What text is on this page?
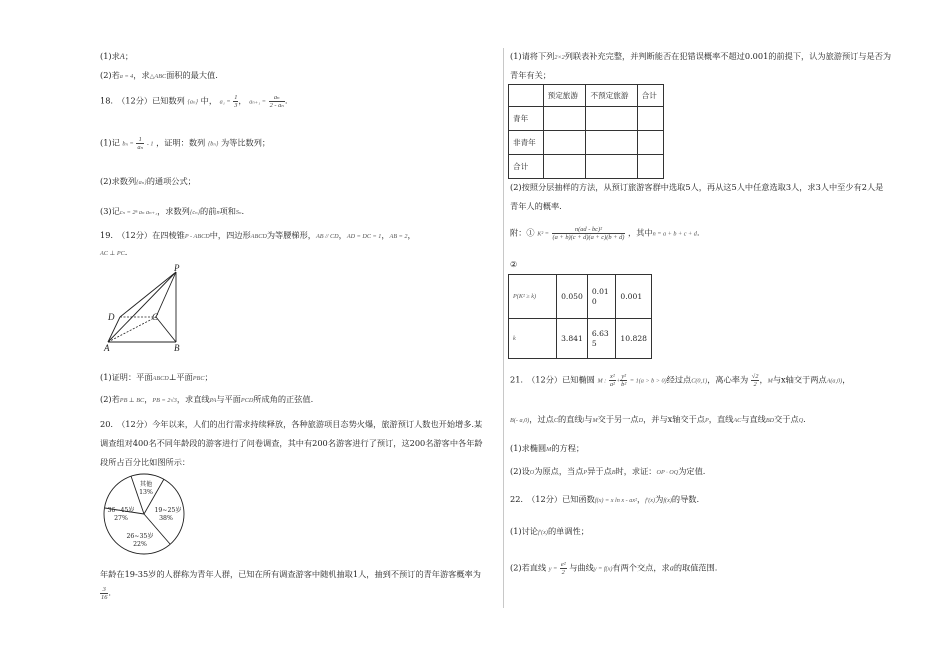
(1)求A；
(2)若a = 4，求△ABC面积的最大值.
18.　（12分）已知数列 {aₙ} 中， $a_1 = \frac{1}{3}$ ， $a_{n+1} = \frac{\text{aₙ}}{\text{2 - aₙ}}$ .
(1)记 $b_n = \frac{1}{\text{aₙ}} - 1$ ，证明：数列 {bₙ} 为等比数列；
(2)求数列{aₙ}的通项公式；
(3)记cₙ = 2ⁿ aₙ aₙ₊₁，求数列{cₙ}的前n项和Sₙ.
19.　（12分）在四棱锥P - ABCD中，四边形ABCD为等腰梯形，AB // CD，AD = DC = 1，AB = 2，
AC ⊥ PC.
P
D	C
A	B
(1)证明：平面ABCD⊥平面PBC；
(2)若PB ⊥ BC，PB = 2√3，求直线PA与平面PCD所成角的正弦值.
20.　（12分）今年以来，人们的出行需求持续释放，各种旅游项目态势火爆，旅游预订人数也开始增多.某
调查组对400名不同年龄段的游客进行了问卷调查，其中有200名游客进行了预订，这200名游客中各年龄
段所占百分比如图所示：
其他
13%
19~25岁
38%
26~35岁
22%
36~45岁
27%
年龄在19-35岁的人群称为青年人群，已知在所有调查游客中随机抽取1人，抽到不预订的青年游客概率为
$\frac{3}{16}$ .
(1)请将下列2×2列联表补充完整，并判断能否在犯错误概率不超过0.001的前提下，认为旅游预订与是否为
青年有关；
	预定旅游	不预定旅游	合计
青年			
非青年			
合计			
(2)按照分层抽样的方法，从预订旅游客群中选取5人，再从这5人中任意选取3人，求3人中至少有2人是
青年人的概率.
附：① $K^2 = \frac{\text{n(ad - bc)²}}{(a + b)(c + d)(a + c)(b + d)}$ ，其中n = a + b + c + d.
②
P(K² ≥ k)	0.050	0.010	0.001
k	3.841	6.635	10.828
21.　（12分）已知椭圆 M : $\frac{\text{x²}}{\text{a²}} + \frac{\text{y²}}{\text{b²}} = 1(a > b > 0)$经过点C(0,1)，离心率为 $\frac{√2}{2}$ ，M与x轴交于两点A(a,0)，
B(- a,0)，过点C的直线l与M交于另一点D，并与x轴交于点P，直线AC与直线BD交于点Q.
(1)求椭圆M的方程；
(2)设O为原点，当点P异于点B时，求证：OP · OQ为定值.
22.　（12分）已知函数f(x) = x ln x - ax²，f′(x)为f(x)的导数.
(1)讨论f′(x)的单调性；
(2)若直线 $y = \frac{\text{e²}}{2}$ 与曲线y = f(x)有两个交点，求a的取值范围.
